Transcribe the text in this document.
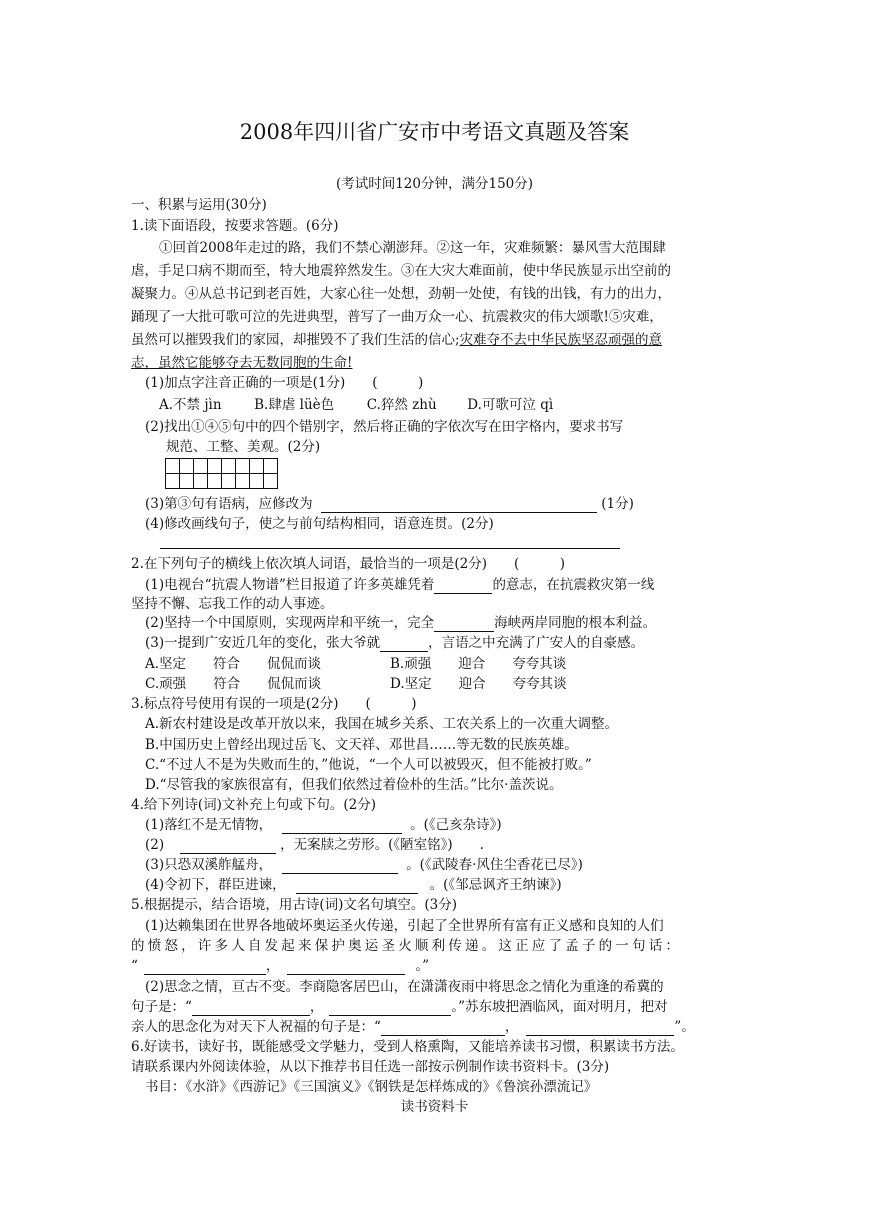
2008年四川省广安市中考语文真题及答案
(考试时间120分钟，满分150分)
一、积累与运用(30分)
1.读下面语段，按要求答题。(6分)
①回首2008年走过的路，我们不禁心潮澎拜。②这一年，灾难频繁：暴风雪大范围肆
虐，手足口病不期而至，特大地震猝然发生。③在大灾大难面前，使中华民族显示出空前的
凝聚力。④从总书记到老百姓，大家心往一处想，劲朝一处使，有钱的出钱，有力的出力，
踊现了一大批可歌可泣的先进典型，普写了一曲万众一心、抗震救灾的伟大颂歌!⑤灾难，
虽然可以摧毁我们的家园，却摧毁不了我们生活的信心;灾难夺不去中华民族坚忍顽强的意
志，虽然它能够夺去无数同胞的生命!
(1)加点字注音正确的一项是(1分)　　(　　　)
A.不禁 jìn B.肆虐 lüè色 C.猝然 zhù D.可歌可泣 qì
(2)找出①④⑤句中的四个错别字，然后将正确的字依次写在田字格内，要求书写
规范、工整、美观。(2分)
(3)第③句有语病，应修改为	(1分)
(4)修改画线句子，使之与前句结构相同，语意连贯。(2分)
2.在下列句子的横线上依次填人词语，最恰当的一项是(2分)　　(　　　)
(1)电视台“抗震人物谱”栏目报道了许多英雄凭着	的意志，在抗震救灾第一线
坚持不懈、忘我工作的动人事迹。
(2)坚持一个中国原则，实现两岸和平统一，完全	海峡两岸同胞的根本利益。
(3)一提到广安近几年的变化，张大爷就	，言语之中充满了广安人的自豪感。
A.坚定　　符合　　侃侃而谈	B.顽强　　迎合　　夸夸其谈
C.顽强　　符合　　侃侃而谈	D.坚定　　迎合　　夸夸其谈
3.标点符号使用有误的一项是(2分)　　(　　　)
A.新农村建设是改革开放以来，我国在城乡关系、工农关系上的一次重大调整。
B.中国历史上曾经出现过岳飞、文天祥、邓世昌……等无数的民族英雄。
C.“不过人不是为失败而生的，”他说，“一个人可以被毁灭，但不能被打败。”
D.“尽管我的家族很富有，但我们依然过着俭朴的生活。”比尔·盖茨说。
4.给下列诗(词)文补充上句或下句。(2分)
(1)落红不是无情物，	。(《己亥杂诗》)
(2)	，无案牍之劳形。(《陋室铭》)　　.
(3)只恐双溪舴艋舟，	。(《武陵春·风住尘香花已尽》)
(4)令初下，群臣进谏，	。(《邹忌讽齐王纳谏》)
5.根据提示，结合语境，用古诗(词)文名句填空。(3分)
(1)达赖集团在世界各地破坏奥运圣火传递，引起了全世界所有富有正义感和良知的人们
的愤怒，许多人自发起来保护奥运圣火顺利传递。这正应了孟子的一句话：
“	，	。”
(2)思念之情，亘古不变。李商隐客居巴山，在潇潇夜雨中将思念之情化为重逢的希冀的
句子是：“	，	。”苏东坡把酒临风，面对明月，把对
亲人的思念化为对天下人祝福的句子是：“	，	”。
6.好读书，读好书，既能感受文学魅力，受到人格熏陶，又能培养读书习惯，积累读书方法。
请联系课内外阅读体验，从以下推荐书目任选一部按示例制作读书资料卡。(3分)
书目：《水浒》《西游记》《三国演义》《钢铁是怎样炼成的》《鲁滨孙漂流记》
读书资料卡
